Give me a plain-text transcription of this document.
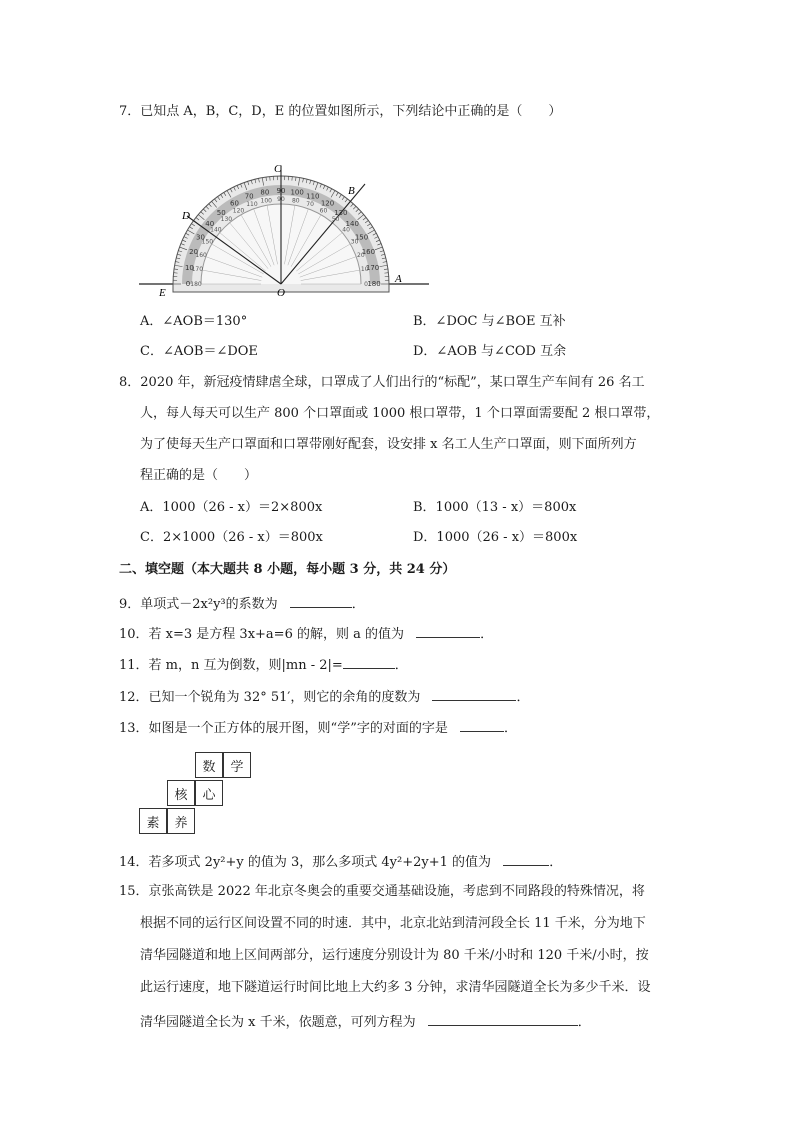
7．已知点 A，B，C，D，E 的位置如图所示，下列结论中正确的是（　　）
C
B
D
E	O
A
0
10
20
30
40
50
60
70
80 90 100
110
120
130
140
150
160
170
180
180
170
160
150
140
130
120
110
100 90 80
70
60
50
40
30
20
10
0
A．∠AOB＝130°	B．∠DOC 与∠BOE 互补
C．∠AOB＝∠DOE	D．∠AOB 与∠COD 互余
8．2020 年，新冠疫情肆虐全球，口罩成了人们出行的“标配”，某口罩生产车间有 26 名工
人，每人每天可以生产 800 个口罩面或 1000 根口罩带，1 个口罩面需要配 2 根口罩带，
为了使每天生产口罩面和口罩带刚好配套，设安排 x 名工人生产口罩面，则下面所列方
程正确的是（　　）
A．1000（26 - x）＝2×800x	B．1000（13 - x）＝800x
C．2×1000（26 - x）＝800x	D．1000（26 - x）＝800x
二、填空题（本大题共 8 小题，每小题 3 分，共 24 分）
9．单项式－2x²y³的系数为	．
10．若 x=3 是方程 3x+a=6 的解，则 a 的值为	．
11．若 m，n 互为倒数，则|mn - 2|=	．
12．已知一个锐角为 32° 51′，则它的余角的度数为	．
13．如图是一个正方体的展开图，则“学”字的对面的字是	．
数	学
核	心
素	养
14．若多项式 2y²+y 的值为 3，那么多项式 4y²+2y+1 的值为	．
15．京张高铁是 2022 年北京冬奥会的重要交通基础设施，考虑到不同路段的特殊情况，将
根据不同的运行区间设置不同的时速．其中，北京北站到清河段全长 11 千米，分为地下
清华园隧道和地上区间两部分，运行速度分别设计为 80 千米/小时和 120 千米/小时，按
此运行速度，地下隧道运行时间比地上大约多 3 分钟，求清华园隧道全长为多少千米．设
清华园隧道全长为 x 千米，依题意，可列方程为	．
